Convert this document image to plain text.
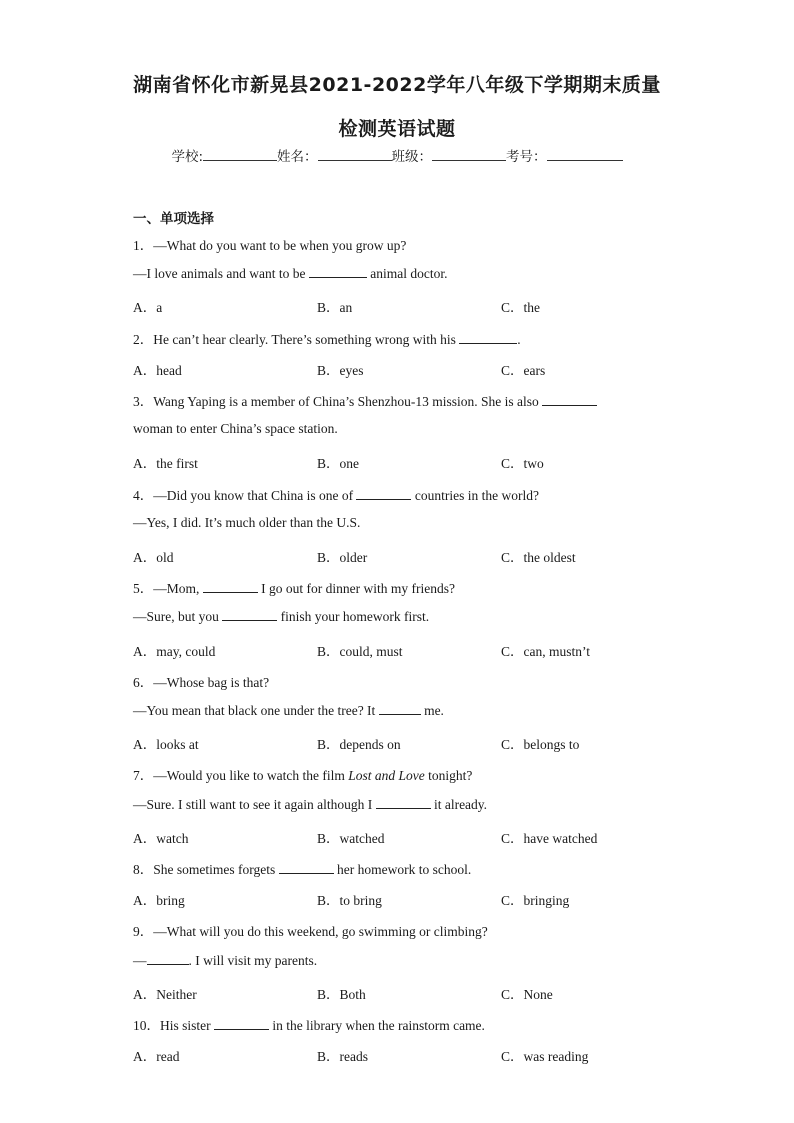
湖南省怀化市新晃县2021-2022学年八年级下学期期末质量
检测英语试题
学校:	姓名：	班级：	考号：
一、单项选择
1．—What do you want to be when you grow up?
—I love animals and want to be	animal doctor.
A．a	B．an	C．the
2．He can’t hear clearly. There’s something wrong with his	.
A．head	B．eyes	C．ears
3．Wang Yaping is a member of China’s Shenzhou-13 mission. She is also
woman to enter China’s space station.
A．the first	B．one	C．two
4．—Did you know that China is one of	countries in the world?
—Yes, I did. It’s much older than the U.S.
A．old	B．older	C．the oldest
5．—Mom,	I go out for dinner with my friends?
—Sure, but you	finish your homework first.
A．may, could	B．could, must	C．can, mustn’t
6．—Whose bag is that?
—You mean that black one under the tree? It	me.
A．looks at	B．depends on	C．belongs to
7．—Would you like to watch the film Lost and Love tonight?
—Sure. I still want to see it again although I	it already.
A．watch	B．watched	C．have watched
8．She sometimes forgets	her homework to school.
A．bring	B．to bring	C．bringing
9．—What will you do this weekend, go swimming or climbing?
—	. I will visit my parents.
A．Neither	B．Both	C．None
10．His sister	in the library when the rainstorm came.
A．read	B．reads	C．was reading
